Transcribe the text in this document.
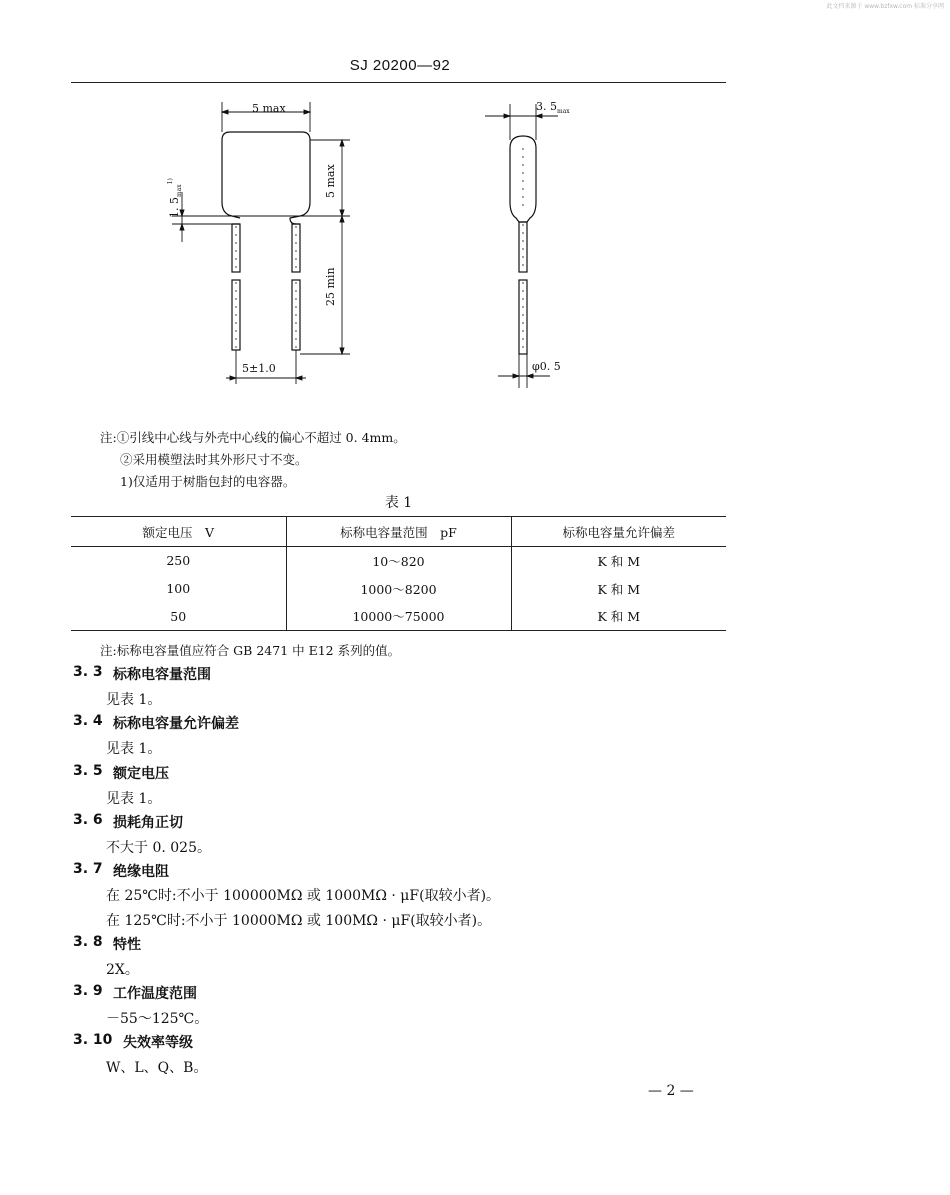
此文档来源于 www.bzfxw.com 标准分享网
SJ 20200—92
5 max
5 max
25 min
1. $5_{max}^{1)}$
5±1.0
3. $5_{max}$
φ0. 5
注:①引线中心线与外壳中心线的偏心不超过 0. 4mm。
②采用模塑法时其外形尺寸不变。
1)仅适用于树脂包封的电容器。
表 1
额定电压　V	标称电容量范围　pF	标称电容量允许偏差
250	10～820	K 和 M
100	1000～8200	K 和 M
50	10000～75000	K 和 M
注:标称电容量值应符合 GB 2471 中 E12 系列的值。
3. 3 标称电容量范围
见表 1。
3. 4 标称电容量允许偏差
见表 1。
3. 5 额定电压
见表 1。
3. 6 损耗角正切
不大于 0. 025。
3. 7 绝缘电阻
在 25℃时:不小于 100000MΩ 或 1000MΩ · μF(取较小者)。
在 125℃时:不小于 10000MΩ 或 100MΩ · μF(取较小者)。
3. 8 特性
2X。
3. 9 工作温度范围
－55～125℃。
3. 10 失效率等级
W、L、Q、B。
— 2 —
